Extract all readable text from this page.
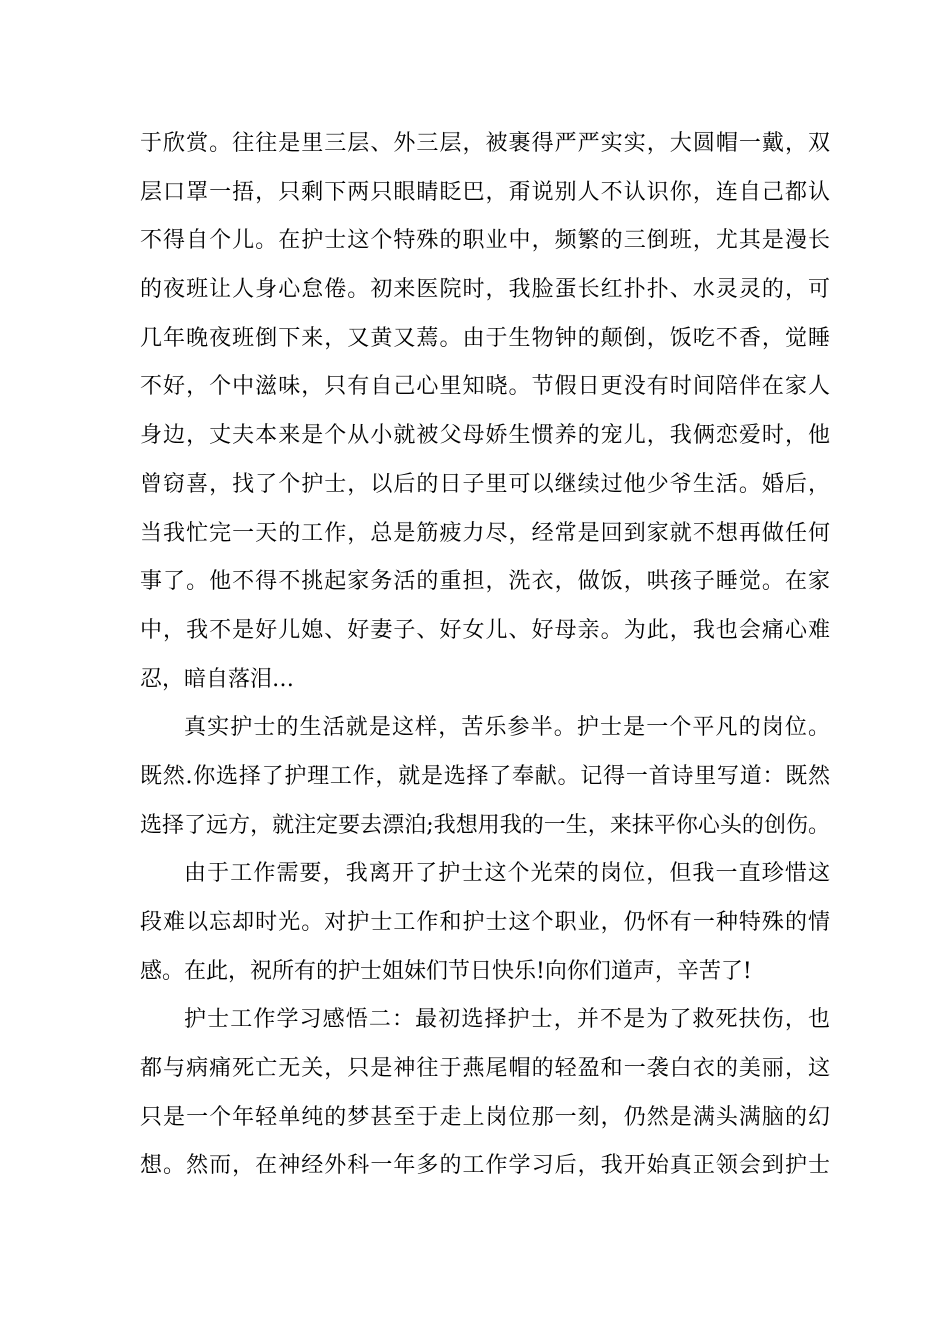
于欣赏。往往是里三层、外三层，被裹得严严实实，大圆帽一戴，双
层口罩一捂，只剩下两只眼睛眨巴，甭说别人不认识你，连自己都认
不得自个儿。在护士这个特殊的职业中，频繁的三倒班，尤其是漫长
的夜班让人身心怠倦。初来医院时，我脸蛋长红扑扑、水灵灵的，可
几年晚夜班倒下来，又黄又蔫。由于生物钟的颠倒，饭吃不香，觉睡
不好，个中滋味，只有自己心里知晓。节假日更没有时间陪伴在家人
身边，丈夫本来是个从小就被父母娇生惯养的宠儿，我俩恋爱时，他
曾窃喜，找了个护士，以后的日子里可以继续过他少爷生活。婚后，
当我忙完一天的工作，总是筋疲力尽，经常是回到家就不想再做任何
事了。他不得不挑起家务活的重担，洗衣，做饭，哄孩子睡觉。在家
中，我不是好儿媳、好妻子、好女儿、好母亲。为此，我也会痛心难
忍，暗自落泪…
真实护士的生活就是这样，苦乐参半。护士是一个平凡的岗位。
既然.你选择了护理工作，就是选择了奉献。记得一首诗里写道：既然
选择了远方，就注定要去漂泊;我想用我的一生，来抹平你心头的创伤。
由于工作需要，我离开了护士这个光荣的岗位，但我一直珍惜这
段难以忘却时光。对护士工作和护士这个职业，仍怀有一种特殊的情
感。在此，祝所有的护士姐妹们节日快乐!向你们道声，辛苦了!
护士工作学习感悟二：最初选择护士，并不是为了救死扶伤，也
都与病痛死亡无关，只是神往于燕尾帽的轻盈和一袭白衣的美丽，这
只是一个年轻单纯的梦甚至于走上岗位那一刻，仍然是满头满脑的幻
想。然而，在神经外科一年多的工作学习后，我开始真正领会到护士
